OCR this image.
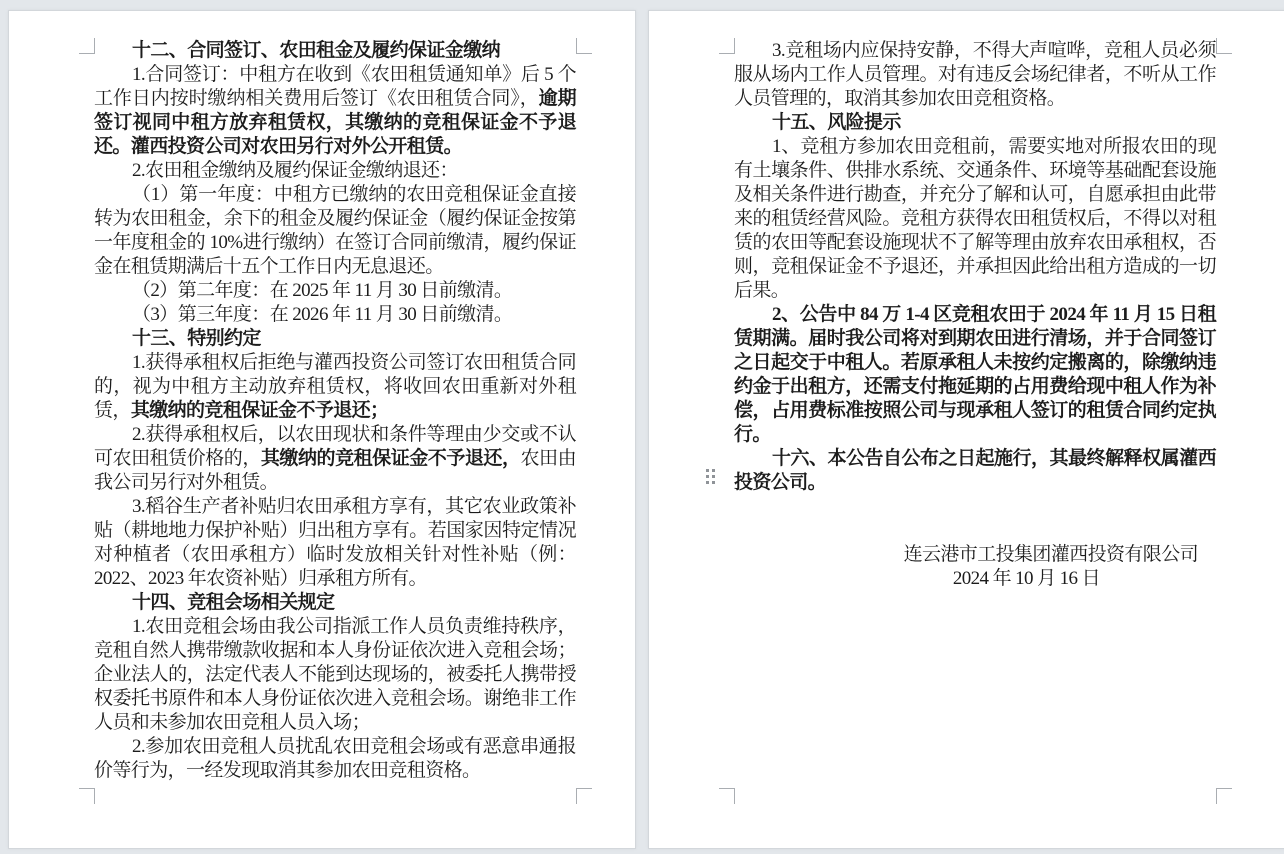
十二、合同签订、农田租金及履约保证金缴纳
1.合同签订：中租方在收到《农田租赁通知单》后 5 个工作日内按时缴纳相关费用后签订《农田租赁合同》，逾期签订视同中租方放弃租赁权，其缴纳的竞租保证金不予退还。灌西投资公司对农田另行对外公开租赁。
2.农田租金缴纳及履约保证金缴纳退还：
（1）第一年度：中租方已缴纳的农田竞租保证金直接转为农田租金，余下的租金及履约保证金（履约保证金按第一年度租金的 10%进行缴纳）在签订合同前缴清，履约保证金在租赁期满后十五个工作日内无息退还。
（2）第二年度：在 2025 年 11 月 30 日前缴清。
（3）第三年度：在 2026 年 11 月 30 日前缴清。
十三、特别约定
1.获得承租权后拒绝与灌西投资公司签订农田租赁合同的，视为中租方主动放弃租赁权，将收回农田重新对外租赁，其缴纳的竞租保证金不予退还；
2.获得承租权后，以农田现状和条件等理由少交或不认可农田租赁价格的，其缴纳的竞租保证金不予退还，农田由我公司另行对外租赁。
3.稻谷生产者补贴归农田承租方享有，其它农业政策补贴（耕地地力保护补贴）归出租方享有。若国家因特定情况对种植者（农田承租方）临时发放相关针对性补贴（例：2022、2023 年农资补贴）归承租方所有。
十四、竞租会场相关规定
1.农田竞租会场由我公司指派工作人员负责维持秩序，竞租自然人携带缴款收据和本人身份证依次进入竞租会场；企业法人的，法定代表人不能到达现场的，被委托人携带授权委托书原件和本人身份证依次进入竞租会场。谢绝非工作人员和未参加农田竞租人员入场；
2.参加农田竞租人员扰乱农田竞租会场或有恶意串通报价等行为，一经发现取消其参加农田竞租资格。
3.竞租场内应保持安静，不得大声喧哗，竞租人员必须服从场内工作人员管理。对有违反会场纪律者，不听从工作人员管理的，取消其参加农田竞租资格。
十五、风险提示
1、竞租方参加农田竞租前，需要实地对所报农田的现有土壤条件、供排水系统、交通条件、环境等基础配套设施及相关条件进行勘查，并充分了解和认可，自愿承担由此带来的租赁经营风险。竞租方获得农田租赁权后，不得以对租赁的农田等配套设施现状不了解等理由放弃农田承租权，否则，竞租保证金不予退还，并承担因此给出租方造成的一切后果。
2、公告中 84 万 1-4 区竞租农田于 2024 年 11 月 15 日租赁期满。届时我公司将对到期农田进行清场，并于合同签订之日起交于中租人。若原承租人未按约定搬离的，除缴纳违约金于出租方，还需支付拖延期的占用费给现中租人作为补偿，占用费标准按照公司与现承租人签订的租赁合同约定执行。
十六、本公告自公布之日起施行，其最终解释权属灌西投资公司。
连云港市工投集团灌西投资有限公司
2024 年 10 月 16 日
